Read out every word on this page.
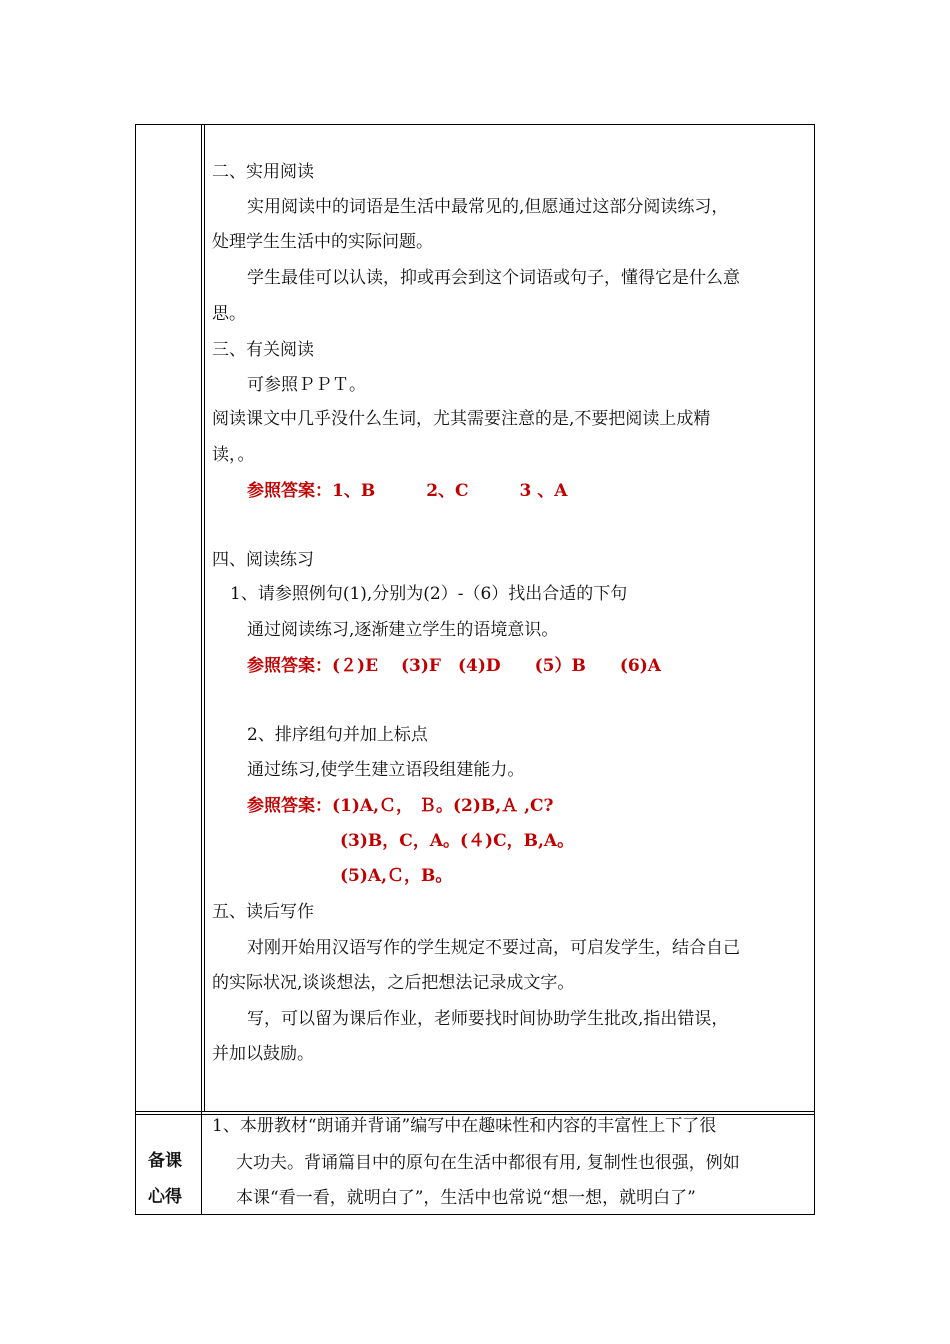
二、实用阅读
实用阅读中的词语是生活中最常见的,但愿通过这部分阅读练习，
处理学生生活中的实际问题。
学生最佳可以认读，抑或再会到这个词语或句子，懂得它是什么意
思。
三、有关阅读
可参照ＰＰＴ。
阅读课文中几乎没什么生词，尤其需要注意的是,不要把阅读上成精
读，。
参照答案：1、B　　　2、C　　　3 、A
四、阅读练习
1、请参照例句(1),分别为(2）-（6）找出合适的下句
通过阅读练习,逐渐建立学生的语境意识。
参照答案：(２)E　 (3)F　(4)D　　(5）B　　(6)A
2、排序组句并加上标点
通过练习,使学生建立语段组建能力。
参照答案：(1)A,Ｃ， Ｂ。(2)B,Ａ ,C?
(3)B，C，A。(４)C，B,A。
(5)A,Ｃ，B。
五、读后写作
对刚开始用汉语写作的学生规定不要过高，可启发学生，结合自己
的实际状况,谈谈想法，之后把想法记录成文字。
写，可以留为课后作业，老师要找时间协助学生批改,指出错误，
并加以鼓励。
备课
心得
1、本册教材“朗诵并背诵”编写中在趣味性和内容的丰富性上下了很
大功夫。背诵篇目中的原句在生活中都很有用, 复制性也很强，例如
本课“看一看，就明白了”，生活中也常说“想一想，就明白了”
